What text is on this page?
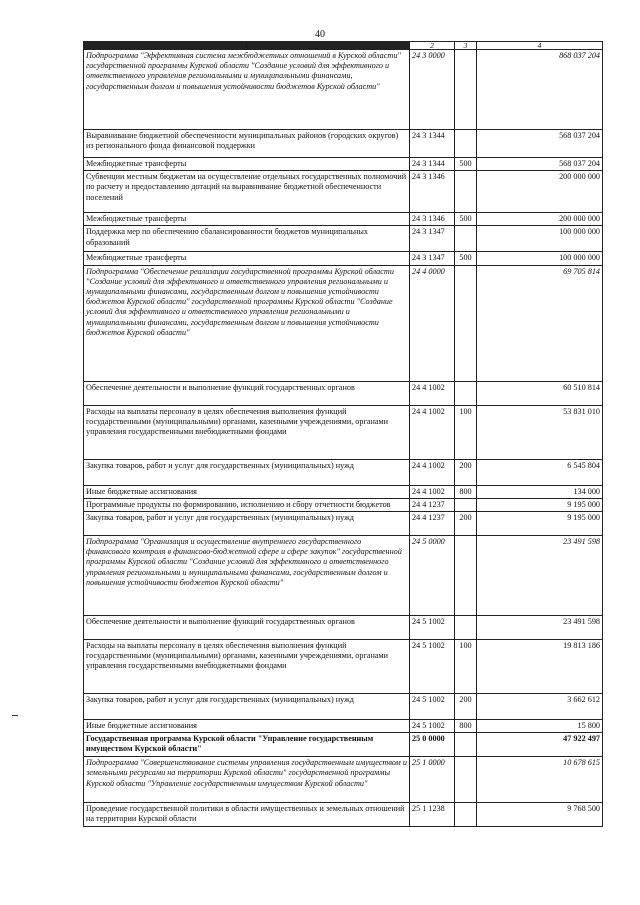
40
1	2	3	4
Подпрограмма "Эффективная система межбюджетных отношений в Курской области" государственной программы Курской области "Создание условий для эффективного и ответственного управления региональными и муниципальными финансами, государственным долгом и повышения устойчивости бюджетов Курской области"	24 3 0000		868 037 204
Выравнивание бюджетной обеспеченности муниципальных районов (городских округов) из регионального фонда финансовой поддержки	24 3 1344		568 037 204
Межбюджетные трансферты	24 3 1344	500	568 037 204
Субвенции местным бюджетам на осуществление отдельных государственных полномочий по расчету и предоставлению дотаций на выравнивание бюджетной обеспеченности поселений	24 3 1346		200 000 000
Межбюджетные трансферты	24 3 1346	500	200 000 000
Поддержка мер по обеспечению сбалансированности бюджетов муниципальных образований	24 3 1347		100 000 000
Межбюджетные трансферты	24 3 1347	500	100 000 000
Подпрограмма "Обеспечение реализации государственной программы Курской области "Создание условий для эффективного и ответственного управления региональными и муниципальными финансами, государственным долгом и повышения устойчивости бюджетов Курской области" государственной программы Курской области "Создание условий для эффективного и ответственного управления региональными и муниципальными финансами, государственным долгом и повышения устойчивости бюджетов Курской области"	24 4 0000		69 705 814
Обеспечение деятельности и выполнение функций государственных органов	24 4 1002		60 510 814
Расходы на выплаты персоналу в целях обеспечения выполнения функций государственными (муниципальными) органами, казенными учреждениями, органами управления государственными внебюджетными фондами	24 4 1002	100	53 831 010
Закупка товаров, работ и услуг для государственных (муниципальных) нужд	24 4 1002	200	6 545 804
Иные бюджетные ассигнования	24 4 1002	800	134 000
Программные продукты по формированию, исполнению и сбору отчетности бюджетов	24 4 1237		9 195 000
Закупка товаров, работ и услуг для государственных (муниципальных) нужд	24 4 1237	200	9 195 000
Подпрограмма "Организация и осуществление внутреннего государственного финансового контроля в финансово-бюджетной сфере и сфере закупок" государственной программы Курской области "Создание условий для эффективного и ответственного управления региональными и муниципальными финансами, государственным долгом и повышения устойчивости бюджетов Курской области"	24 5 0000		23 491 598
Обеспечение деятельности и выполнение функций государственных органов	24 5 1002		23 491 598
Расходы на выплаты персоналу в целях обеспечения выполнения функций государственными (муниципальными) органами, казенными учреждениями, органами управления государственными внебюджетными фондами	24 5 1002	100	19 813 186
Закупка товаров, работ и услуг для государственных (муниципальных) нужд	24 5 1002	200	3 662 612
Иные бюджетные ассигнования	24 5 1002	800	15 800
Государственная программа Курской области "Управление государственным имуществом Курской области"	25 0 0000		47 922 497
Подпрограмма "Совершенствование системы управления государственным имуществом и земельными ресурсами на территории Курской области" государственной программы Курской области "Управление государственным имуществом Курской области"	25 1 0000		10 678 615
Проведение государственной политики в области имущественных и земельных отношений на территории Курской области	25 1 1238		9 768 500
